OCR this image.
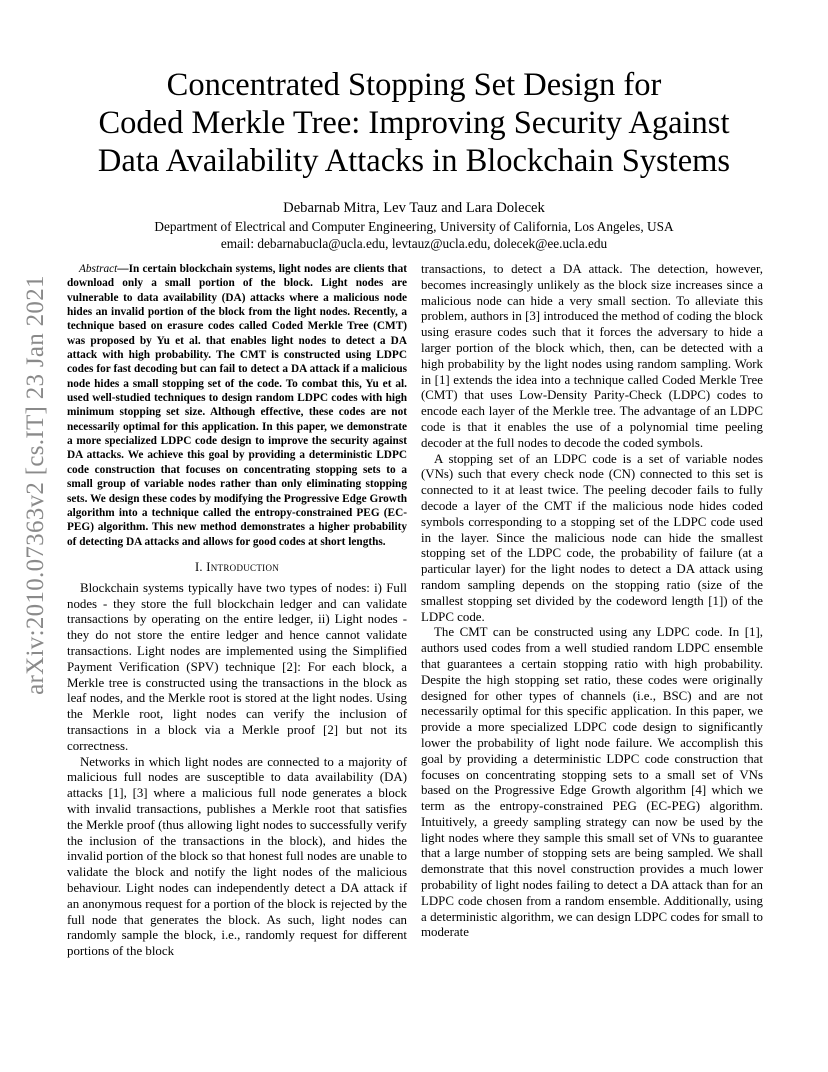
arXiv:2010.07363v2 [cs.IT] 23 Jan 2021
Concentrated Stopping Set Design for
Coded Merkle Tree: Improving Security Against
Data Availability Attacks in Blockchain Systems
Debarnab Mitra, Lev Tauz and Lara Dolecek
Department of Electrical and Computer Engineering, University of California, Los Angeles, USA
email: debarnabucla@ucla.edu, levtauz@ucla.edu, dolecek@ee.ucla.edu

Abstract—In certain blockchain systems, light nodes are clients that download only a small portion of the block. Light nodes are vulnerable to data availability (DA) attacks where a malicious node hides an invalid portion of the block from the light nodes. Recently, a technique based on erasure codes called Coded Merkle Tree (CMT) was proposed by Yu et al. that enables light nodes to detect a DA attack with high probability. The CMT is constructed using LDPC codes for fast decoding but can fail to detect a DA attack if a malicious node hides a small stopping set of the code. To combat this, Yu et al. used well-studied techniques to design random LDPC codes with high minimum stopping set size. Although effective, these codes are not necessarily optimal for this application. In this paper, we demonstrate a more specialized LDPC code design to improve the security against DA attacks. We achieve this goal by providing a deterministic LDPC code construction that focuses on concentrating stopping sets to a small group of variable nodes rather than only eliminating stopping sets. We design these codes by modifying the Progressive Edge Growth algorithm into a technique called the entropy-constrained PEG (EC-PEG) algorithm. This new method demonstrates a higher probability of detecting DA attacks and allows for good codes at short lengths.

I. Introduction

Blockchain systems typically have two types of nodes: i) Full nodes - they store the full blockchain ledger and can validate transactions by operating on the entire ledger, ii) Light nodes - they do not store the entire ledger and hence cannot validate transactions. Light nodes are implemented using the Simplified Payment Verification (SPV) technique [2]: For each block, a Merkle tree is constructed using the transactions in the block as leaf nodes, and the Merkle root is stored at the light nodes. Using the Merkle root, light nodes can verify the inclusion of transactions in a block via a Merkle proof [2] but not its correctness.

Networks in which light nodes are connected to a majority of malicious full nodes are susceptible to data availability (DA) attacks [1], [3] where a malicious full node generates a block with invalid transactions, publishes a Merkle root that satisfies the Merkle proof (thus allowing light nodes to successfully verify the inclusion of the transactions in the block), and hides the invalid portion of the block so that honest full nodes are unable to validate the block and notify the light nodes of the malicious behaviour. Light nodes can independently detect a DA attack if an anonymous request for a portion of the block is rejected by the full node that generates the block. As such, light nodes can randomly sample the block, i.e., randomly request for different portions of the block

transactions, to detect a DA attack. The detection, however, becomes increasingly unlikely as the block size increases since a malicious node can hide a very small section. To alleviate this problem, authors in [3] introduced the method of coding the block using erasure codes such that it forces the adversary to hide a larger portion of the block which, then, can be detected with a high probability by the light nodes using random sampling. Work in [1] extends the idea into a technique called Coded Merkle Tree (CMT) that uses Low-Density Parity-Check (LDPC) codes to encode each layer of the Merkle tree. The advantage of an LDPC code is that it enables the use of a polynomial time peeling decoder at the full nodes to decode the coded symbols.

A stopping set of an LDPC code is a set of variable nodes (VNs) such that every check node (CN) connected to this set is connected to it at least twice. The peeling decoder fails to fully decode a layer of the CMT if the malicious node hides coded symbols corresponding to a stopping set of the LDPC code used in the layer. Since the malicious node can hide the smallest stopping set of the LDPC code, the probability of failure (at a particular layer) for the light nodes to detect a DA attack using random sampling depends on the stopping ratio (size of the smallest stopping set divided by the codeword length [1]) of the LDPC code.

The CMT can be constructed using any LDPC code. In [1], authors used codes from a well studied random LDPC ensemble that guarantees a certain stopping ratio with high probability. Despite the high stopping set ratio, these codes were originally designed for other types of channels (i.e., BSC) and are not necessarily optimal for this specific application. In this paper, we provide a more specialized LDPC code design to significantly lower the probability of light node failure. We accomplish this goal by providing a deterministic LDPC code construction that focuses on concentrating stopping sets to a small set of VNs based on the Progressive Edge Growth algorithm [4] which we term as the entropy-constrained PEG (EC-PEG) algorithm. Intuitively, a greedy sampling strategy can now be used by the light nodes where they sample this small set of VNs to guarantee that a large number of stopping sets are being sampled. We shall demonstrate that this novel construction provides a much lower probability of light nodes failing to detect a DA attack than for an LDPC code chosen from a random ensemble. Additionally, using a deterministic algorithm, we can design LDPC codes for small to moderate
